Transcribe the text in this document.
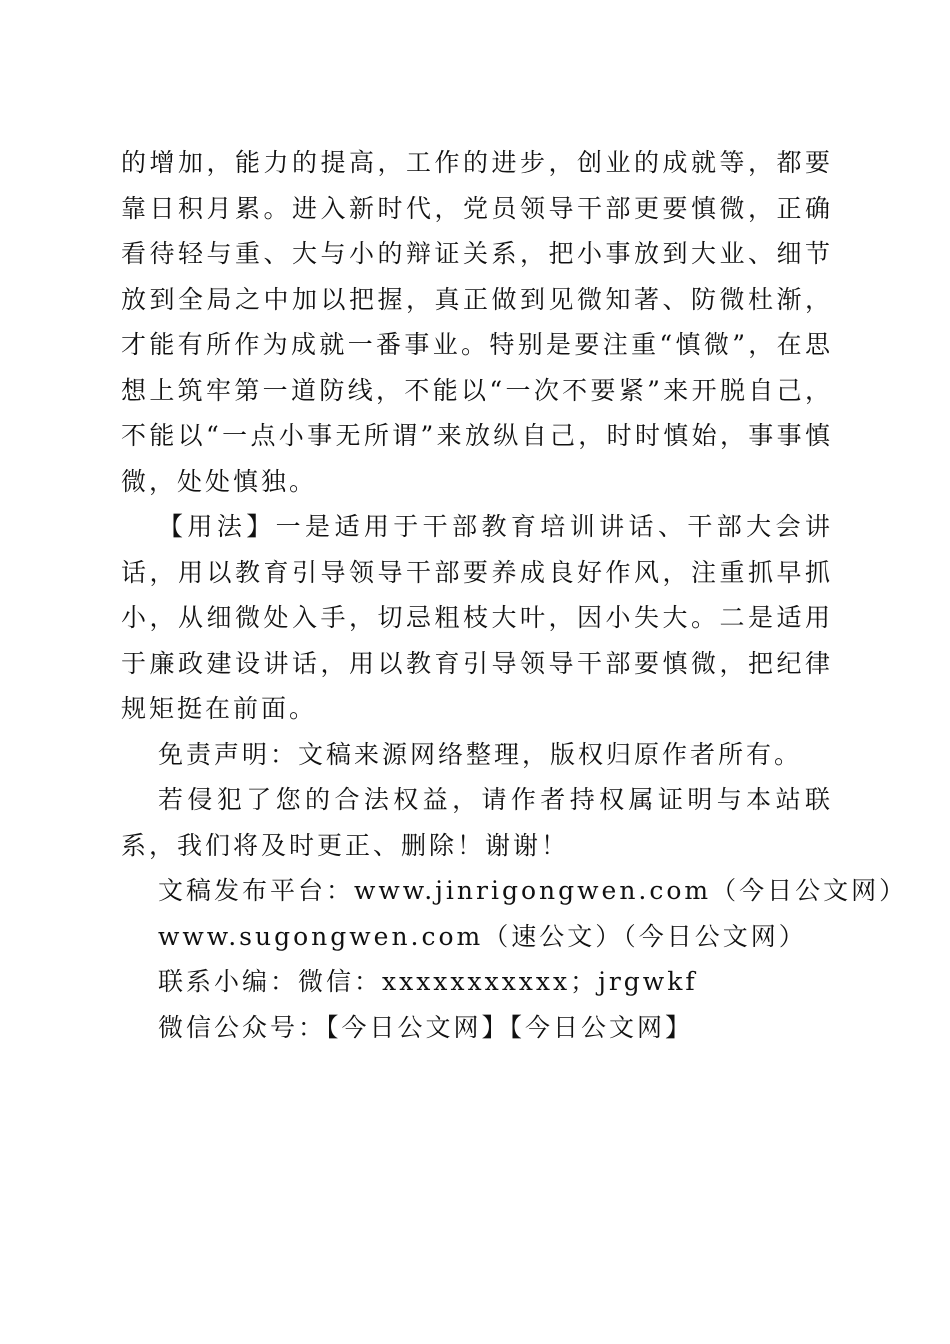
的增加，能力的提高，工作的进步，创业的成就等，都要靠日积月累。进入新时代，党员领导干部更要慎微，正确看待轻与重、大与小的辩证关系，把小事放到大业、细节放到全局之中加以把握，真正做到见微知著、防微杜渐，才能有所作为成就一番事业。特别是要注重“慎微”，在思想上筑牢第一道防线，不能以“一次不要紧”来开脱自己，不能以“一点小事无所谓”来放纵自己，时时慎始，事事慎微，处处慎独。

【用法】一是适用于干部教育培训讲话、干部大会讲话，用以教育引导领导干部要养成良好作风，注重抓早抓小，从细微处入手，切忌粗枝大叶，因小失大。二是适用于廉政建设讲话，用以教育引导领导干部要慎微，把纪律规矩挺在前面。

免责声明：文稿来源网络整理，版权归原作者所有。

若侵犯了您的合法权益，请作者持权属证明与本站联系，我们将及时更正、删除！谢谢！

文稿发布平台：www.jinrigongwen.com（今日公文网）

www.sugongwen.com（速公文）（今日公文网）

联系小编：微信：xxxxxxxxxxx；jrgwkf

微信公众号：【今日公文网】【今日公文网】
